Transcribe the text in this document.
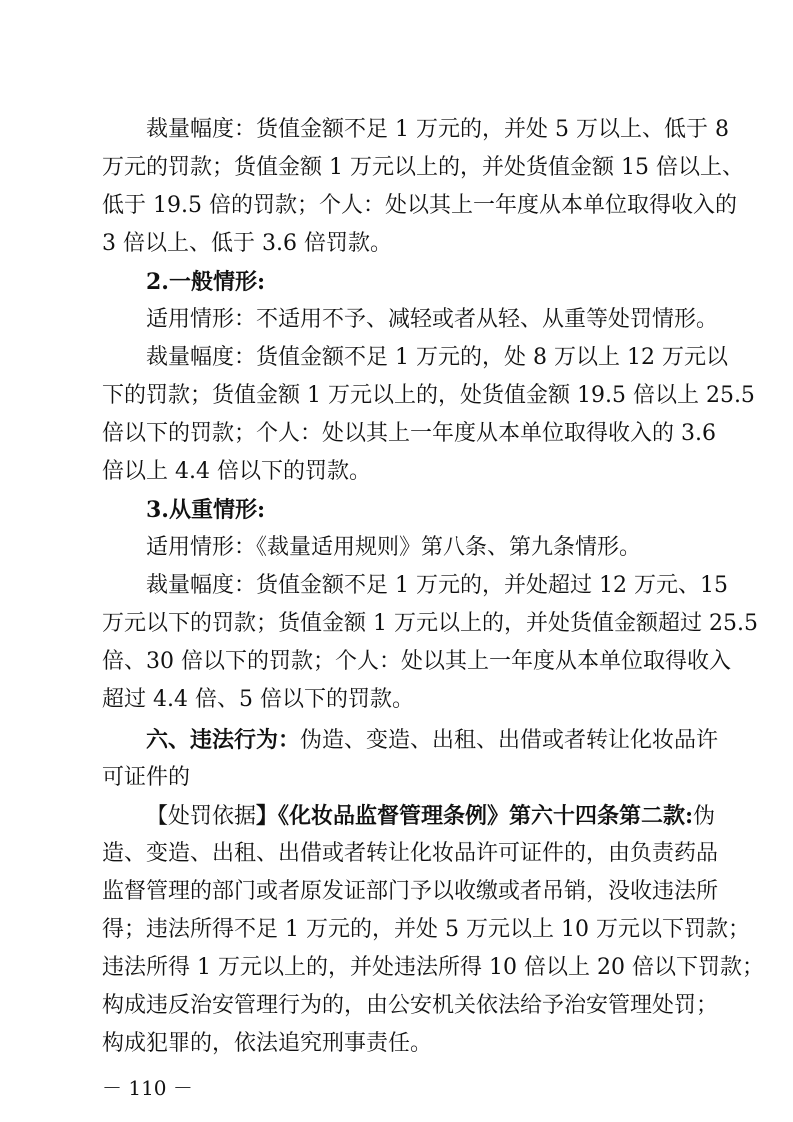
裁量幅度：货值金额不足 1 万元的，并处 5 万以上、低于 8
万元的罚款；货值金额 1 万元以上的，并处货值金额 15 倍以上、
低于 19.5 倍的罚款；个人：处以其上一年度从本单位取得收入的
3 倍以上、低于 3.6 倍罚款。
2.一般情形:
适用情形：不适用不予、减轻或者从轻、从重等处罚情形。
裁量幅度：货值金额不足 1 万元的，处 8 万以上 12 万元以
下的罚款；货值金额 1 万元以上的，处货值金额 19.5 倍以上 25.5
倍以下的罚款；个人：处以其上一年度从本单位取得收入的 3.6
倍以上 4.4 倍以下的罚款。
3.从重情形:
适用情形：《裁量适用规则》第八条、第九条情形。
裁量幅度：货值金额不足 1 万元的，并处超过 12 万元、15
万元以下的罚款；货值金额 1 万元以上的，并处货值金额超过 25.5
倍、30 倍以下的罚款；个人：处以其上一年度从本单位取得收入
超过 4.4 倍、5 倍以下的罚款。
六、违法行为：伪造、变造、出租、出借或者转让化妆品许
可证件的
【处罚依据】《化妆品监督管理条例》第六十四条第二款:伪
造、变造、出租、出借或者转让化妆品许可证件的，由负责药品
监督管理的部门或者原发证部门予以收缴或者吊销，没收违法所
得；违法所得不足 1 万元的，并处 5 万元以上 10 万元以下罚款；
违法所得 1 万元以上的，并处违法所得 10 倍以上 20 倍以下罚款；
构成违反治安管理行为的，由公安机关依法给予治安管理处罚；
构成犯罪的，依法追究刑事责任。
－ 110 －
